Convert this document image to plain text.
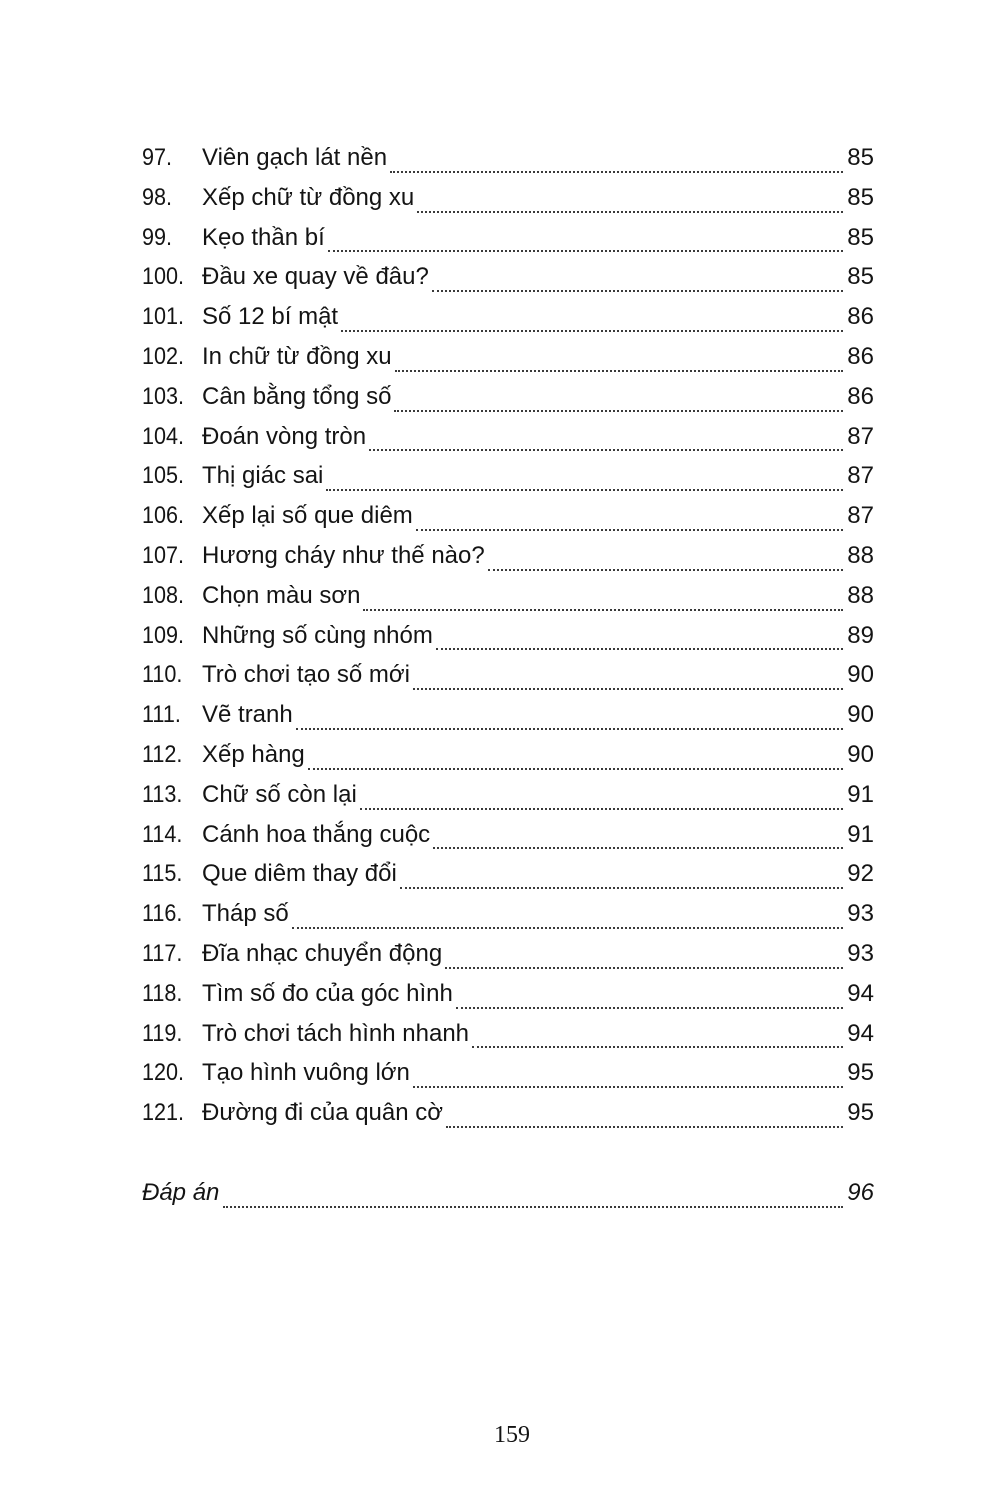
97.	Viên gạch lát nền	85
98.	Xếp chữ từ đồng xu	85
99.	Kẹo thần bí	85
100. Đầu xe quay về đâu?	85
101. Số 12 bí mật	86
102. In chữ từ đồng xu	86
103. Cân bằng tổng số	86
104. Đoán vòng tròn	87
105. Thị giác sai	87
106. Xếp lại số que diêm	87
107. Hương cháy như thế nào?	88
108. Chọn màu sơn	88
109. Những số cùng nhóm	89
110. Trò chơi tạo số mới	90
111. Vẽ tranh	90
112. Xếp hàng	90
113. Chữ số còn lại	91
114. Cánh hoa thắng cuộc	91
115. Que diêm thay đổi	92
116. Tháp số	93
117. Đĩa nhạc chuyển động	93
118. Tìm số đo của góc hình	94
119. Trò chơi tách hình nhanh	94
120. Tạo hình vuông lớn	95
121. Đường đi của quân cờ	95
Đáp án	96
159
